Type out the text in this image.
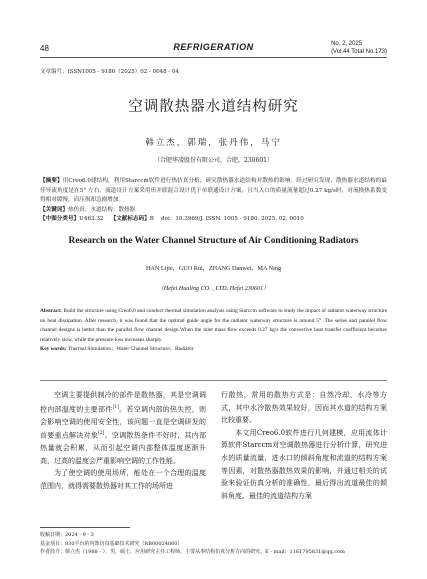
48	REFRIGERATION	No. 2, 2025
(Vol.44 Total No.173)
文章编号：ISSN1005 - 9180（2025）02 - 0048 - 04
空调散热器水道结构研究
韩立杰，郭瑞，张丹伟，马宁
（合肥华凌股份有限公司，合肥，230601）
【摘要】用Creo6.0建结构，利用Starccm软件进行热仿真分析，研究散热器水道结构对散热的影响。经过研究发现，散热器水道结构的最佳导流角度是在5° 左右，流道设计方案采用串并联混合设计优于单联通设计方案，且当入口的质量流量超过0.27 kg/s时，对流换热系数变得相对缓慢，而压损却急剧增加。
【关键词】热仿真；水道结构；散热器
【中图分类号】U463.32 【文献标志码】B doi：10.3969/J. ISSN. 1005 - 9180. 2025. 02. 0010
Research on the Water Channel Structure of Air Conditioning Radiators
HAN Lijie，GUO Rui，ZHANG Danwei，MA Ning
（Hefei Hualing CO. , LTD. Hefei 230601）
Abstract: Build the structure using Creo6.0 and conduct thermal simulation analysis using Starccm software to study the impact of radiator waterway structure on heat dissipation. After research, it was found that the optimal guide angle for the radiator waterway structure is around 5° .The series and parallel flow channel designs is better than the parallel flow channel design.When the inlet mass flow exceeds 0.27 kg/s the convective heat transfer coefficient becomes relatively slow, while the pressure loss increases sharply.
Key words: Thermal Simulation；Water Channel Structure；Radiator

空调主要提供制冷的部件是散热器，其是空调调控内部温度的主要部件[1]。若空调内部的热失控，则会影响空调的使用安全性，该问题一直是空调研发的首要重点解决对象[2]。空调散热条件不好时，其内部热量就会积累，从而引起空调内部整体温度逐渐升高，过高的温度会严重影响空调的工作性能。

为了使空调的使用场所，能处在一个合理的温度范围内，就得需要散热器对其工作的场所进

行散热，常用的散热方式是：自然冷却、水冷等方式，其中水冷散热效果较好，因而其水道的结构方案比较重要。

本文用Creo6.0软件进行几何建模，应用流体计算软件Starccm对空调散热器进行分析计算，研究进水的质量流量，进水口的倾斜角度和流道的结构方案等因素，对散热器散热效果的影响，并通过相关的试验来验证仿真分析的准确性，最后得出流道最佳的倾斜角度、最佳的流道结构方案

收稿日期：2024 - 9 - 3
基金项目：830平台的内饰仿真基础技术研究（RB00024860）
作者简介：韩立杰（1988 - ），男，硕士，应用研究主任工程师，主要从事结构仿真分析方向的研究。E - mail：1161795831@qq.com
